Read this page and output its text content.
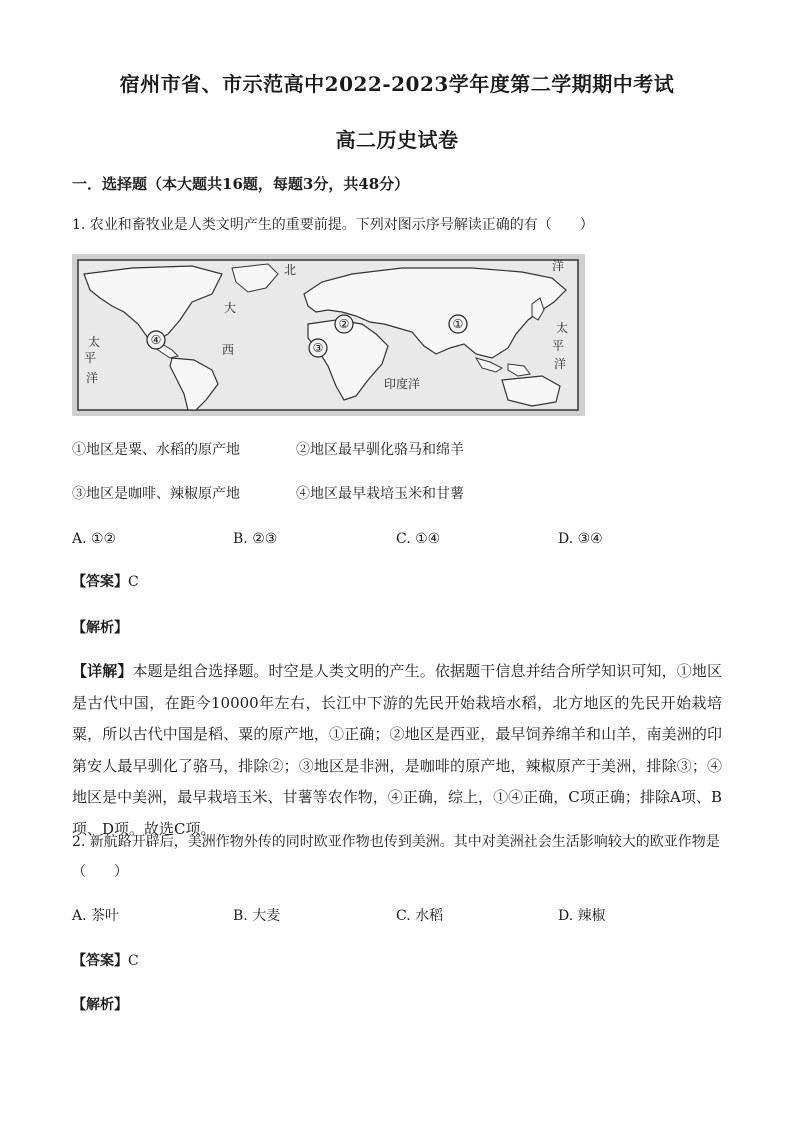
宿州市省、市示范高中2022-2023学年度第二学期期中考试
高二历史试卷
一．选择题（本大题共16题，每题3分，共48分）
1. 农业和畜牧业是人类文明产生的重要前提。下列对图示序号解读正确的有（　　）
北
大
西
太
平
洋
洋
印度洋
太
平
洋
①
②
③
④
①地区是粟、水稻的原产地	②地区最早驯化骆马和绵羊
③地区是咖啡、辣椒原产地	④地区最早栽培玉米和甘薯
A. ①②	B. ②③	C. ①④	D. ③④
【答案】C
【解析】
【详解】本题是组合选择题。时空是人类文明的产生。依据题干信息并结合所学知识可知，①地区是古代中国，在距今10000年左右，长江中下游的先民开始栽培水稻，北方地区的先民开始栽培粟，所以古代中国是稻、粟的原产地，①正确；②地区是西亚，最早饲养绵羊和山羊，南美洲的印第安人最早驯化了骆马，排除②；③地区是非洲，是咖啡的原产地，辣椒原产于美洲，排除③；④地区是中美洲，最早栽培玉米、甘薯等农作物，④正确，综上，①④正确，C项正确；排除A项、B项、D项。故选C项。
2. 新航路开辟后，美洲作物外传的同时欧亚作物也传到美洲。其中对美洲社会生活影响较大的欧亚作物是
（　　）
A. 茶叶	B. 大麦	C. 水稻	D. 辣椒
【答案】C
【解析】
